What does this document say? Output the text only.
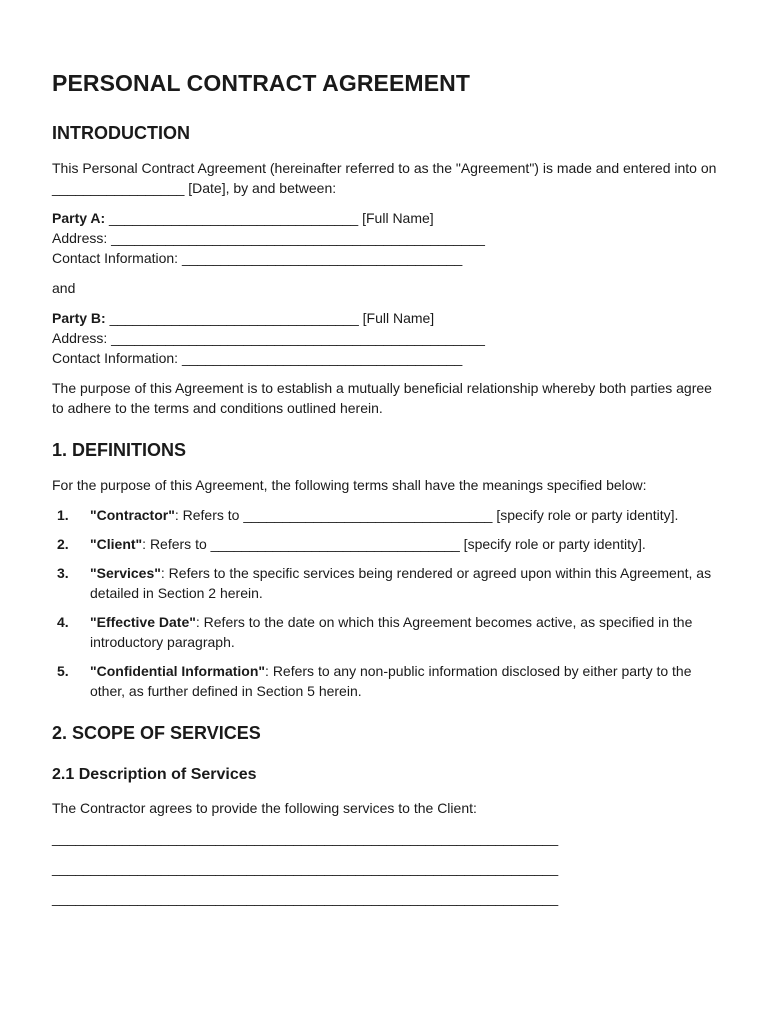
PERSONAL CONTRACT AGREEMENT
INTRODUCTION

This Personal Contract Agreement (hereinafter referred to as the "Agreement") is made and entered into on _________________ [Date], by and between:

Party A: ________________________________ [Full Name]
Address: ________________________________________________
Contact Information: ____________________________________

and

Party B: ________________________________ [Full Name]
Address: ________________________________________________
Contact Information: ____________________________________

The purpose of this Agreement is to establish a mutually beneficial relationship whereby both parties agree to adhere to the terms and conditions outlined herein.

1. DEFINITIONS

For the purpose of this Agreement, the following terms shall have the meanings specified below:

1.	"Contractor": Refers to ________________________________ [specify role or party identity].
2.	"Client": Refers to ________________________________ [specify role or party identity].
3.	"Services": Refers to the specific services being rendered or agreed upon within this Agreement, as detailed in Section 2 herein.
4.	"Effective Date": Refers to the date on which this Agreement becomes active, as specified in the introductory paragraph.
5.	"Confidential Information": Refers to any non-public information disclosed by either party to the other, as further defined in Section 5 herein.
2. SCOPE OF SERVICES
2.1 Description of Services

The Contractor agrees to provide the following services to the Client:

_________________________________________________________________
_________________________________________________________________
_________________________________________________________________
